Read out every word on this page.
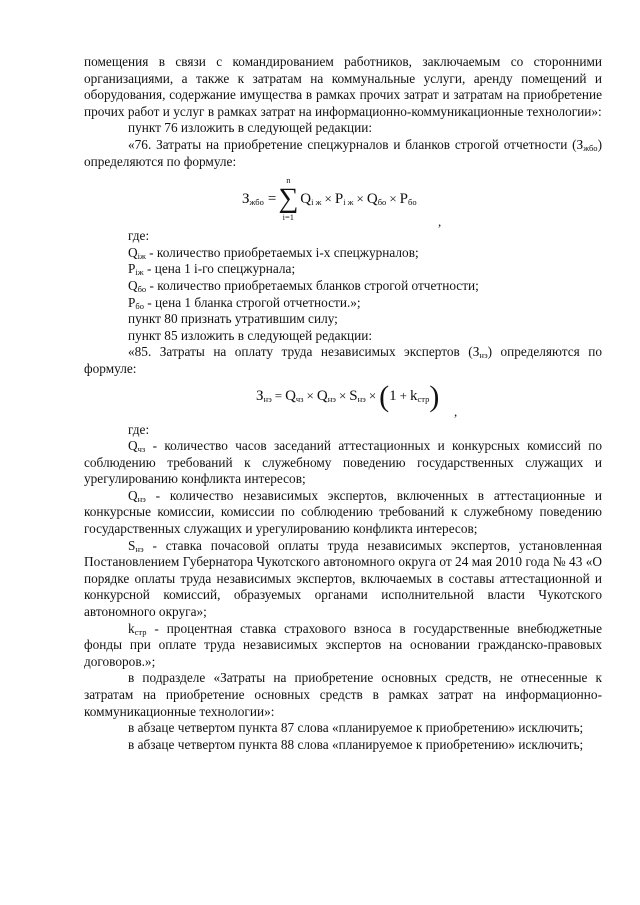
помещения в связи с командированием работников, заключаемым со сторонними организациями, а также к затратам на коммунальные услуги, аренду помещений и оборудования, содержание имущества в рамках прочих затрат и затратам на приобретение прочих работ и услуг в рамках затрат на информационно-коммуникационные технологии»:

пункт 76 изложить в следующей редакции:

«76. Затраты на приобретение спецжурналов и бланков строгой отчетности $(З_{жбо})$ определяются по формуле:

$З_{жбо}$ =
n
∑
i=1
$Q_{i ж} \times P_{i ж} \times Q_{бо} \times P_{бо}$
,

где:

$Q_{iж}$ - количество приобретаемых i-х спецжурналов;

$P_{iж}$ - цена 1 i-го спецжурнала;

$Q_{бо}$ - количество приобретаемых бланков строгой отчетности;

$P_{бо}$ - цена 1 бланка строгой отчетности.»;

пункт 80 признать утратившим силу;

пункт 85 изложить в следующей редакции:

«85. Затраты на оплату труда независимых экспертов $(З_{нэ})$ определяются по формуле:

$З_{нэ} = Q_{чз} \times Q_{нэ} \times S_{нэ}$ × ( $1 + k_{стр}$ ) ,

где:

$Q_{чз}$ - количество часов заседаний аттестационных и конкурсных комиссий по соблюдению требований к служебному поведению государственных служащих и урегулированию конфликта интересов;

$Q_{нэ}$ - количество независимых экспертов, включенных в аттестационные и конкурсные комиссии, комиссии по соблюдению требований к служебному поведению государственных служащих и урегулированию конфликта интересов;

$S_{нэ}$ - ставка почасовой оплаты труда независимых экспертов, установленная Постановлением Губернатора Чукотского автономного округа от 24 мая 2010 года № 43 «О порядке оплаты труда независимых экспертов, включаемых в составы аттестационной и конкурсной комиссий, образуемых органами исполнительной власти Чукотского автономного округа»;

$k_{стр}$ - процентная ставка страхового взноса в государственные внебюджетные фонды при оплате труда независимых экспертов на основании гражданско-правовых договоров.»;

в подразделе «Затраты на приобретение основных средств, не отнесенные к затратам на приобретение основных средств в рамках затрат на информационно-коммуникационные технологии»:

в абзаце четвертом пункта 87 слова «планируемое к приобретению» исключить;

в абзаце четвертом пункта 88 слова «планируемое к приобретению» исключить;
